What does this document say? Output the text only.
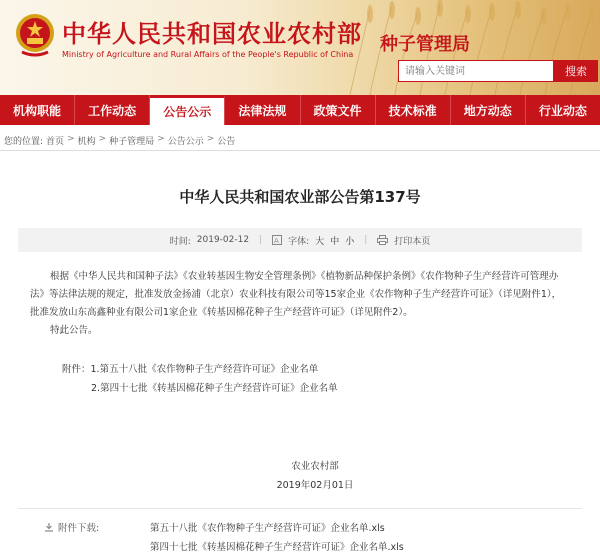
中华人民共和国农业农村部
Ministry of Agriculture and Rural Affairs of the People's Republic of China 种子管理局
请输入关键词
搜索
机构职能	工作动态	公告公示	法律法规	政策文件	技术标准	地方动态	行业动态
您的位置: 首页 > 机构 > 种子管理局 > 公告公示 > 公告
中华人民共和国农业部公告第137号
时间: 2019-02-12 | A 字体: 大 中 小 |	打印本页

根据《中华人民共和国种子法》《农业转基因生物安全管理条例》《植物新品种保护条例》《农作物种子生产经营许可管理办法》等法律法规的规定，批准发放金扬浦（北京）农业科技有限公司等15家企业《农作物种子生产经营许可证》（详见附件1），批准发放山东高鑫种业有限公司1家企业《转基因棉花种子生产经营许可证》（详见附件2）。

特此公告。

附件：1.第五十八批《农作物种子生产经营许可证》企业名单
2.第四十七批《转基因棉花种子生产经营许可证》企业名单
农业农村部
2019年02月01日
附件下载:	第五十八批《农作物种子生产经营许可证》企业名单.xls
第四十七批《转基因棉花种子生产经营许可证》企业名单.xls
